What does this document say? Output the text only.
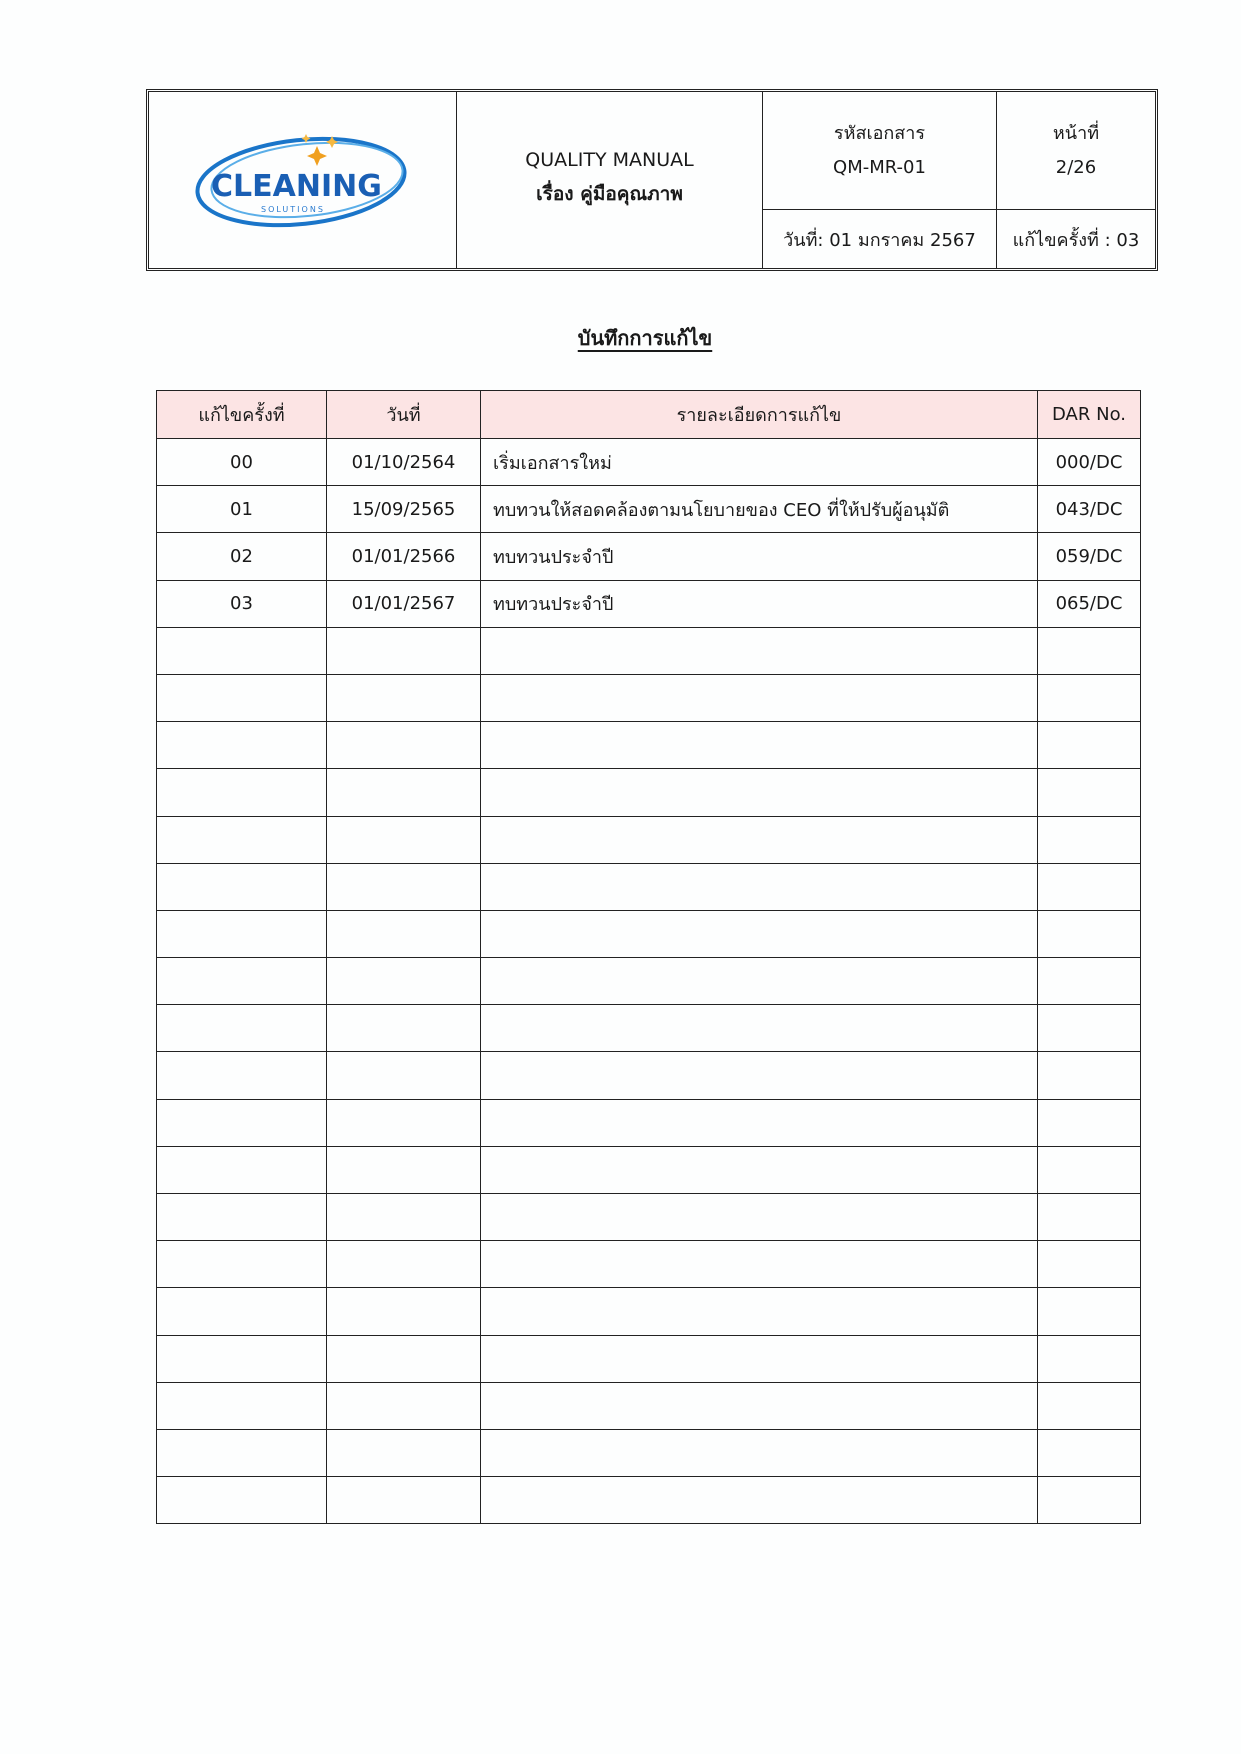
CLEANING
SOLUTIONS
QUALITY MANUAL
เรื่อง คู่มือคุณภาพ
รหัสเอกสาร
QM-MR-01
วันที่: 01 มกราคม 2567
หน้าที่
2/26
แก้ไขครั้งที่ : 03
บันทึกการแก้ไข
แก้ไขครั้งที่	วันที่	รายละเอียดการแก้ไข	DAR No.
00	01/10/2564	เริ่มเอกสารใหม่	000/DC
01	15/09/2565	ทบทวนให้สอดคล้องตามนโยบายของ CEO ที่ให้ปรับผู้อนุมัติ	043/DC
02	01/01/2566	ทบทวนประจำปี	059/DC
03	01/01/2567	ทบทวนประจำปี	065/DC
